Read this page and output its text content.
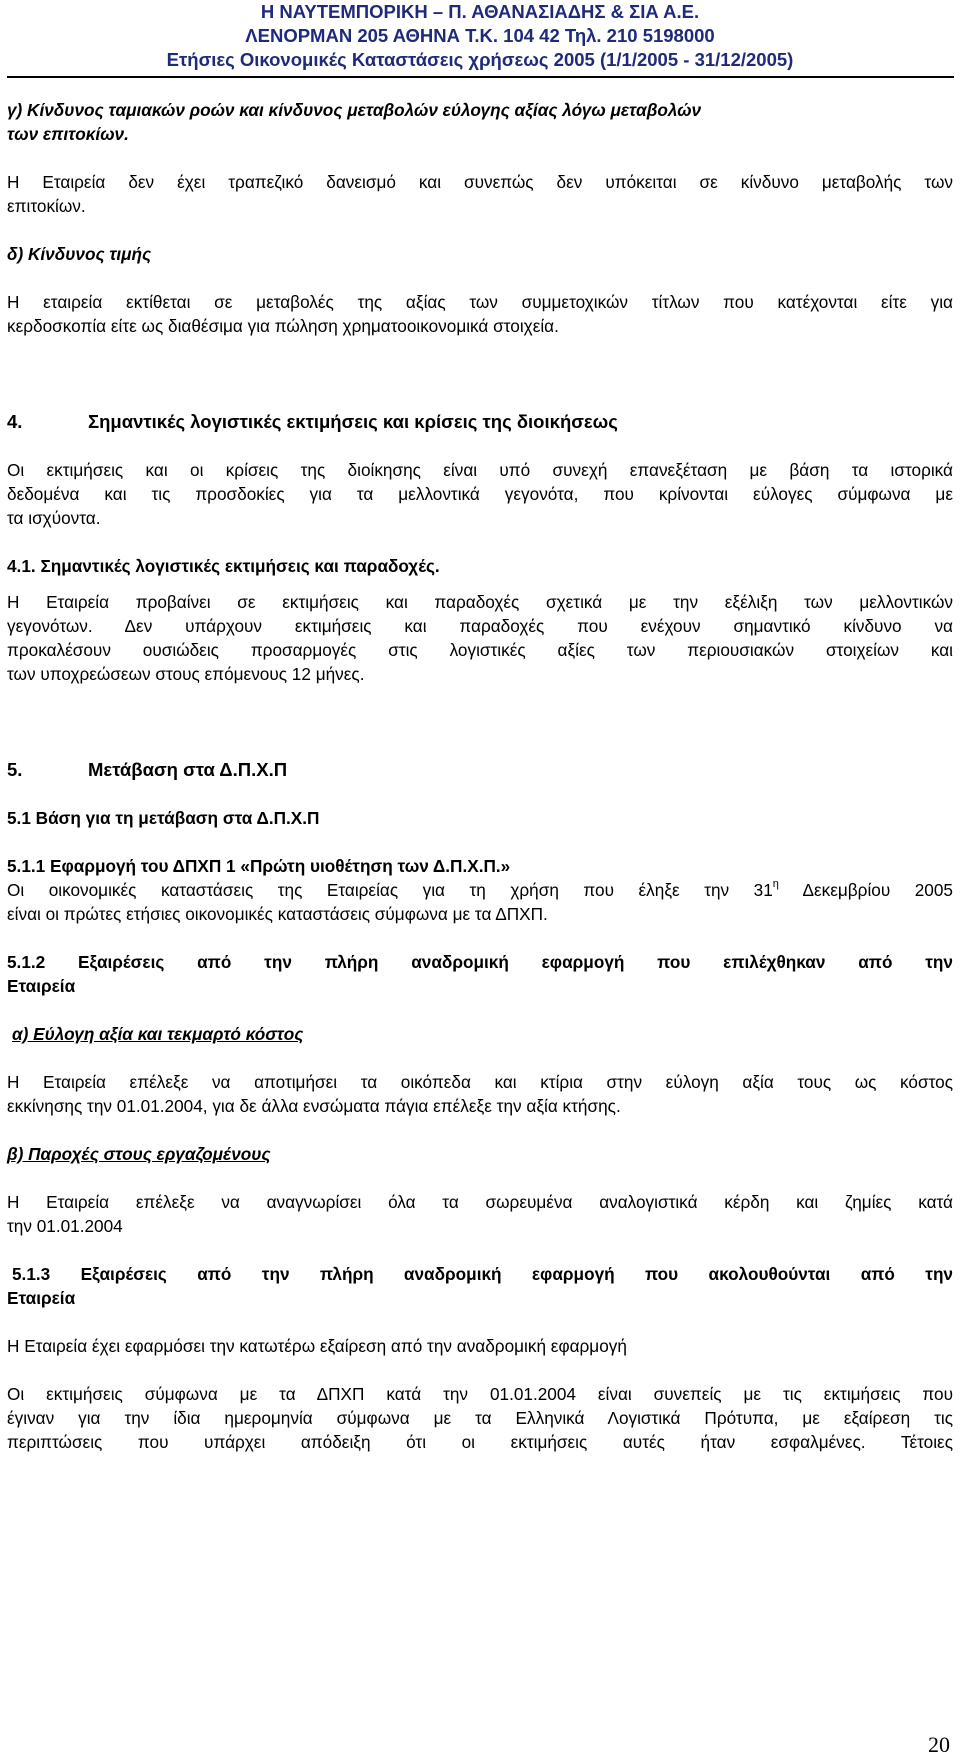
Η ΝΑΥΤΕΜΠΟΡΙΚΗ – Π. ΑΘΑΝΑΣΙΑΔΗΣ & ΣΙΑ Α.Ε.
ΛΕΝΟΡΜΑΝ 205 ΑΘΗΝΑ Τ.Κ. 104 42 Τηλ. 210 5198000
Ετήσιες Οικονομικές Καταστάσεις χρήσεως 2005 (1/1/2005 - 31/12/2005)
γ) Κίνδυνος ταμιακών ροών και κίνδυνος μεταβολών εύλογης αξίας λόγω μεταβολών
των επιτοκίων.
Η Εταιρεία δεν έχει τραπεζικό δανεισμό και συνεπώς δεν υπόκειται σε κίνδυνο μεταβολής των
επιτοκίων.
δ) Κίνδυνος τιμής
Η εταιρεία εκτίθεται σε μεταβολές της αξίας των συμμετοχικών τίτλων που κατέχονται είτε για
κερδοσκοπία είτε ως διαθέσιμα για πώληση χρηματοοικονομικά στοιχεία.
4.	Σημαντικές λογιστικές εκτιμήσεις και κρίσεις της διοικήσεως
Οι εκτιμήσεις και οι κρίσεις της διοίκησης είναι υπό συνεχή επανεξέταση με βάση τα ιστορικά
δεδομένα και τις προσδοκίες για τα μελλοντικά γεγονότα, που κρίνονται εύλογες σύμφωνα με
τα ισχύοντα.
4.1. Σημαντικές λογιστικές εκτιμήσεις και παραδοχές.
Η Εταιρεία προβαίνει σε εκτιμήσεις και παραδοχές σχετικά με την εξέλιξη των μελλοντικών
γεγονότων. Δεν υπάρχουν εκτιμήσεις και παραδοχές που ενέχουν σημαντικό κίνδυνο να
προκαλέσουν ουσιώδεις προσαρμογές στις λογιστικές αξίες των περιουσιακών στοιχείων και
των υποχρεώσεων στους επόμενους 12 μήνες.
5.	Μετάβαση στα Δ.Π.Χ.Π
5.1 Βάση για τη μετάβαση στα Δ.Π.Χ.Π
5.1.1 Εφαρμογή του ΔΠΧΠ 1 «Πρώτη υιοθέτηση των Δ.Π.Χ.Π.»
Οι οικονομικές καταστάσεις της Εταιρείας για τη χρήση που έληξε την $31^\eta$ Δεκεμβρίου 2005
είναι οι πρώτες ετήσιες οικονομικές καταστάσεις σύμφωνα με τα ΔΠΧΠ.
5.1.2 Εξαιρέσεις από την πλήρη αναδρομική εφαρμογή που επιλέχθηκαν από την
Εταιρεία
α) Εύλογη αξία και τεκμαρτό κόστος
Η Εταιρεία επέλεξε να αποτιμήσει τα οικόπεδα και κτίρια στην εύλογη αξία τους ως κόστος
εκκίνησης την 01.01.2004, για δε άλλα ενσώματα πάγια επέλεξε την αξία κτήσης.
β) Παροχές στους εργαζομένους
Η Εταιρεία επέλεξε να αναγνωρίσει όλα τα σωρευμένα αναλογιστικά κέρδη και ζημίες κατά
την 01.01.2004
5.1.3 Εξαιρέσεις από την πλήρη αναδρομική εφαρμογή που ακολουθούνται από την
Εταιρεία
Η Εταιρεία έχει εφαρμόσει την κατωτέρω εξαίρεση από την αναδρομική εφαρμογή
Οι εκτιμήσεις σύμφωνα με τα ΔΠΧΠ κατά την 01.01.2004 είναι συνεπείς με τις εκτιμήσεις που
έγιναν για την ίδια ημερομηνία σύμφωνα με τα Ελληνικά Λογιστικά Πρότυπα, με εξαίρεση τις
περιπτώσεις που υπάρχει απόδειξη ότι οι εκτιμήσεις αυτές ήταν εσφαλμένες. Τέτοιες
20
